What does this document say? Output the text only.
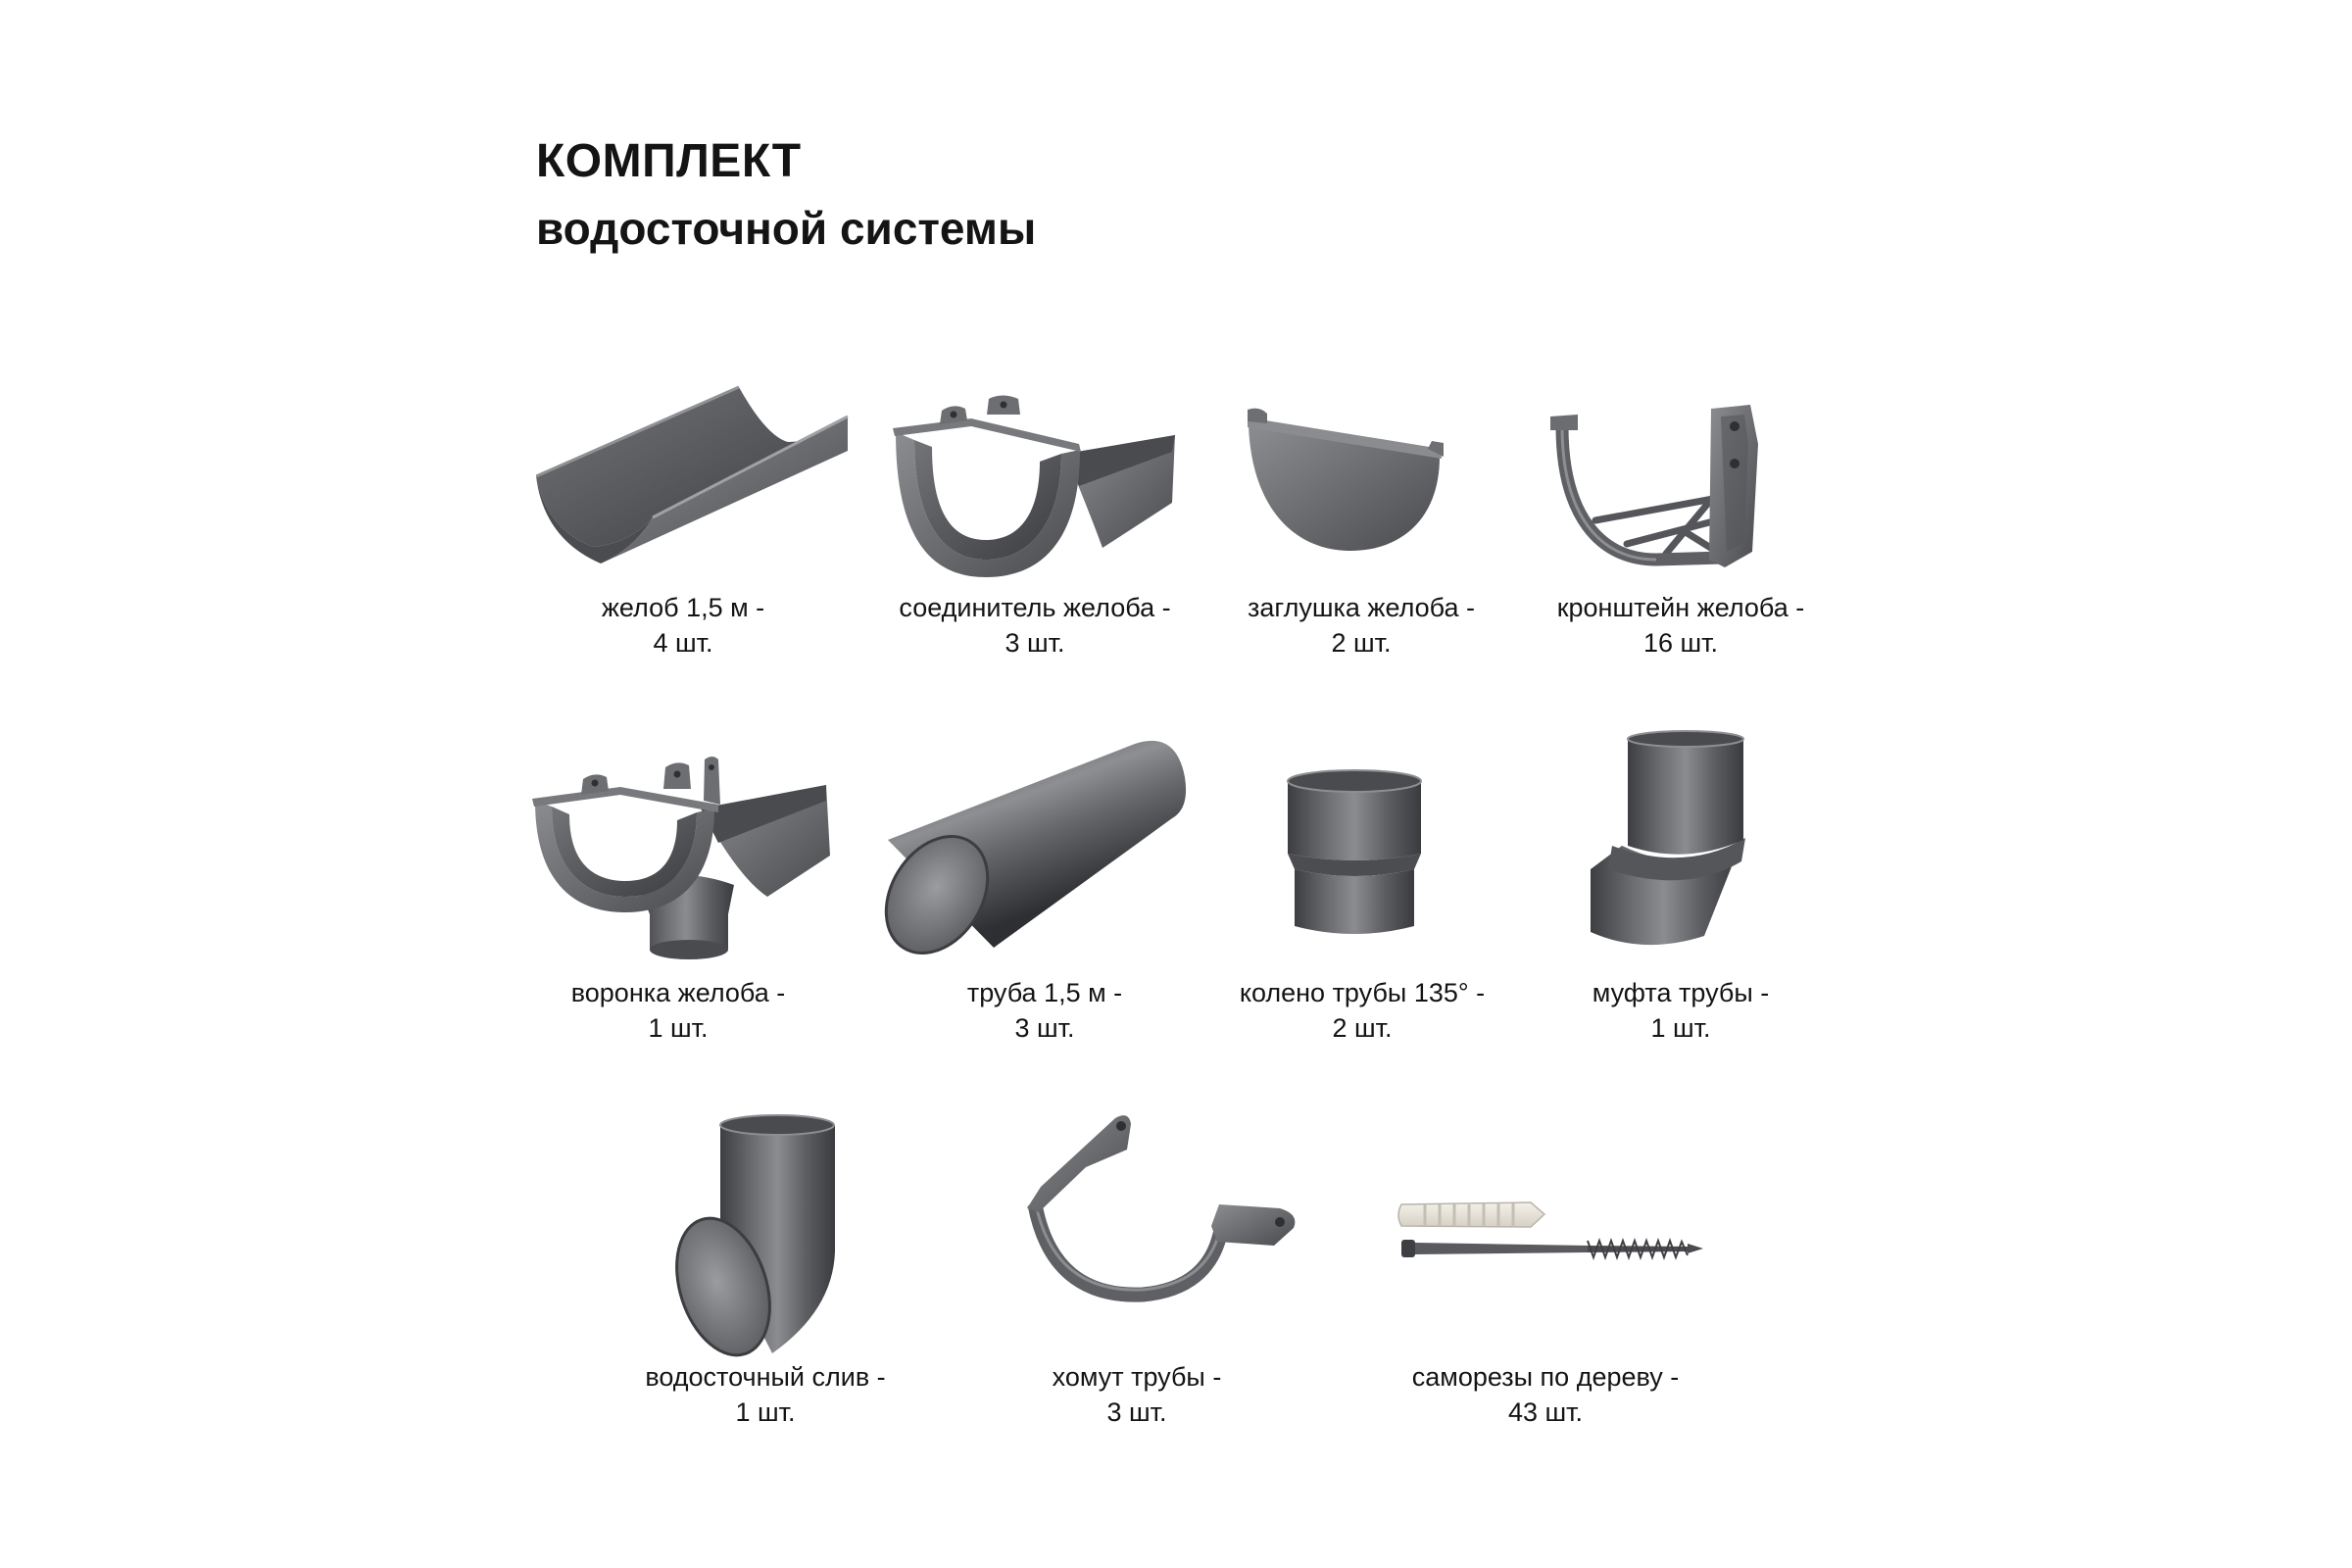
КОМПЛЕКТ
водосточной системы
желоб 1,5 м -
4 шт.
соединитель желоба -
3 шт.
заглушка желоба -
2 шт.
кронштейн желоба -
16 шт.
воронка желоба -
1 шт.
труба 1,5 м -
3 шт.
колено трубы 135° -
2 шт.
муфта трубы -
1 шт.
водосточный слив -
1 шт.
хомут трубы -
3 шт.
саморезы по дереву -
43 шт.
